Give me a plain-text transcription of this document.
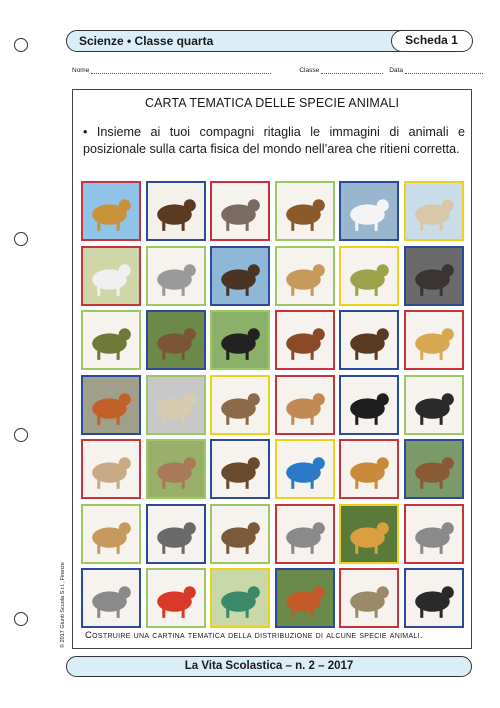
Scienze • Classe quarta	Scheda 1
Nome	Classe	Data
CARTA TEMATICA DELLE SPECIE ANIMALI
• Insieme ai tuoi compagni ritaglia le immagini di animali e posizionale sulla carta fisica del mondo nell’area che ritieni corretta.
Costruire una cartina tematica della distribuzione di alcune specie animali.
© 2017 Giunti Scuola S.r.l., Firenze
La Vita Scolastica – n. 2 – 2017
